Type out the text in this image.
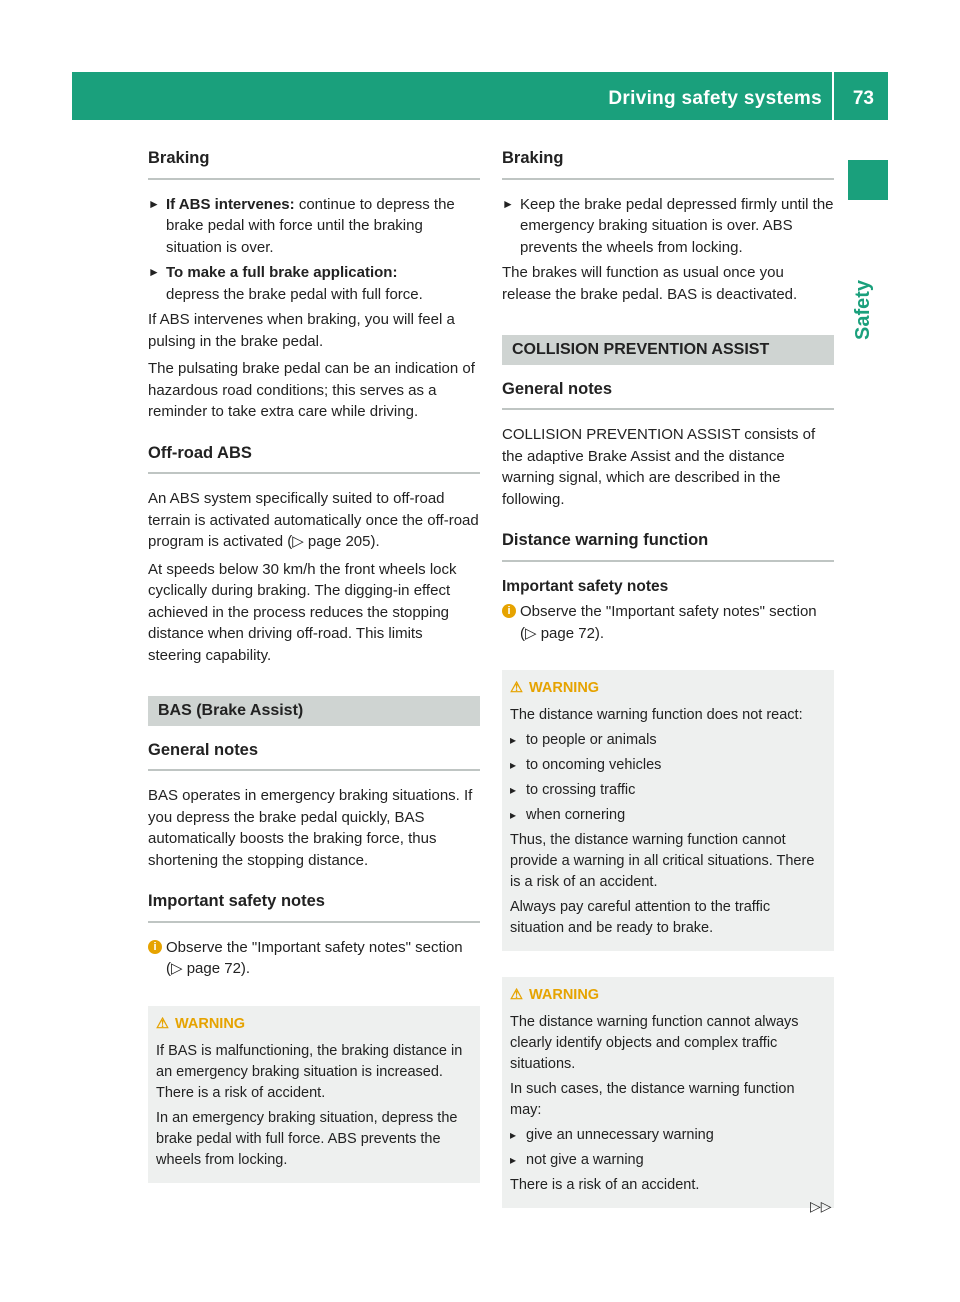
Driving safety systems 73
Safety
Braking
► If ABS intervenes: continue to depress the brake pedal with force until the braking situation is over.
► To make a full brake application:
depress the brake pedal with full force.

If ABS intervenes when braking, you will feel a pulsing in the brake pedal.

The pulsating brake pedal can be an indication of hazardous road conditions; this serves as a reminder to take extra care while driving.

Off-road ABS

An ABS system specifically suited to off-road terrain is activated automatically once the off-road program is activated (▷ page 205).

At speeds below 30 km/h the front wheels lock cyclically during braking. The digging-in effect achieved in the process reduces the stopping distance when driving off-road. This limits steering capability.

BAS (Brake Assist)
General notes

BAS operates in emergency braking situations. If you depress the brake pedal quickly, BAS automatically boosts the braking force, thus shortening the stopping distance.

Important safety notes
i Observe the "Important safety notes" section (▷ page 72).
⚠ WARNING

If BAS is malfunctioning, the braking distance in an emergency braking situation is increased. There is a risk of accident.

In an emergency braking situation, depress the brake pedal with full force. ABS prevents the wheels from locking.

Braking
► Keep the brake pedal depressed firmly until the emergency braking situation is over. ABS prevents the wheels from locking.

The brakes will function as usual once you release the brake pedal. BAS is deactivated.

COLLISION PREVENTION ASSIST
General notes

COLLISION PREVENTION ASSIST consists of the adaptive Brake Assist and the distance warning signal, which are described in the following.

Distance warning function
Important safety notes
i Observe the "Important safety notes" section (▷ page 72).
⚠ WARNING

The distance warning function does not react:

▸ to people or animals
▸ to oncoming vehicles
▸ to crossing traffic
▸ when cornering

Thus, the distance warning function cannot provide a warning in all critical situations. There is a risk of an accident.

Always pay careful attention to the traffic situation and be ready to brake.

⚠ WARNING

The distance warning function cannot always clearly identify objects and complex traffic situations.

In such cases, the distance warning function may:

▸ give an unnecessary warning
▸ not give a warning

There is a risk of an accident.

▷▷
